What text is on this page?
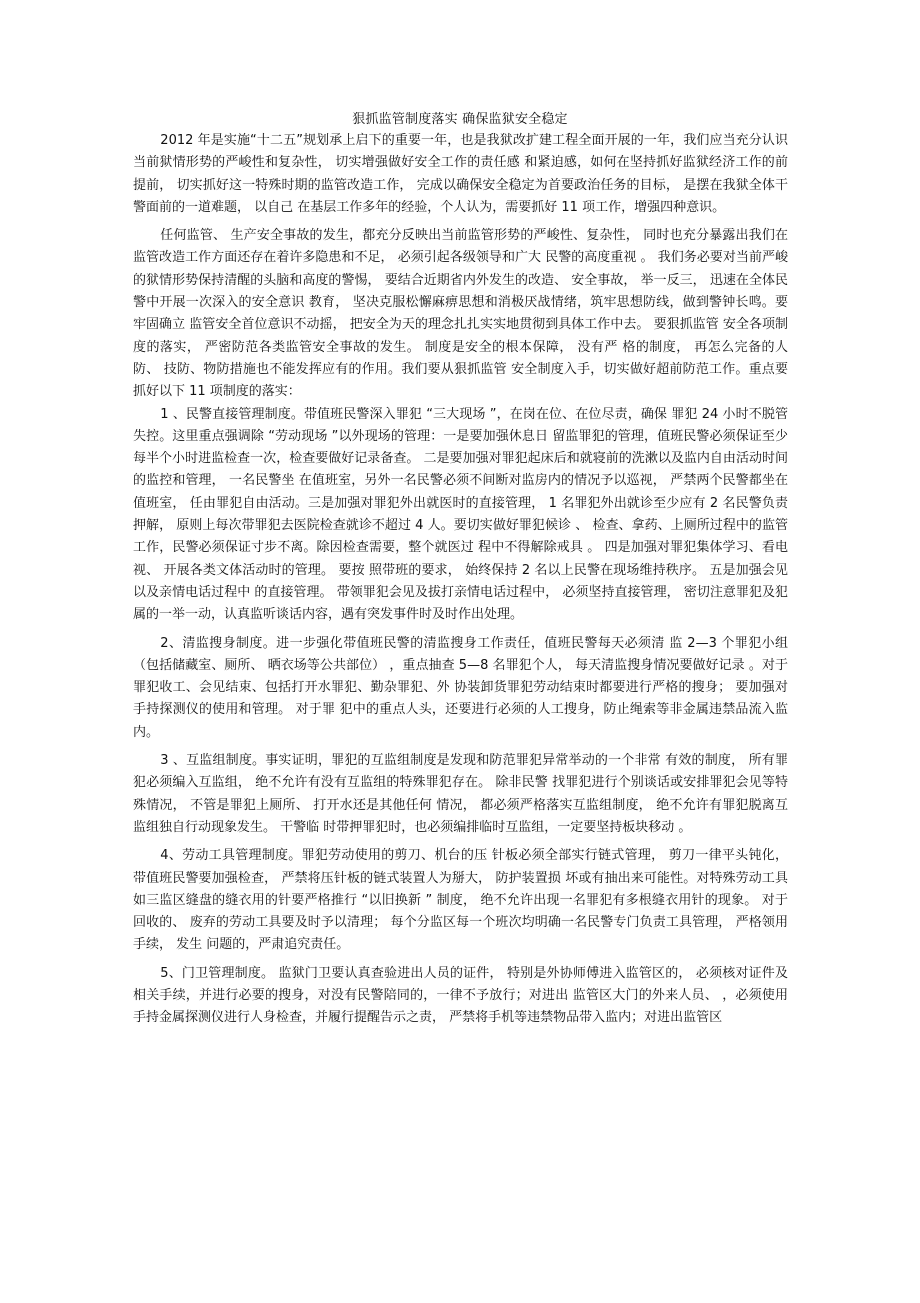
狠抓监管制度落实 确保监狱安全稳定

2012 年是实施“十二五”规划承上启下的重要一年，也是我狱改扩建工程全面开展的一年，我们应当充分认识当前狱情形势的严峻性和复杂性， 切实增强做好安全工作的责任感 和紧迫感，如何在坚持抓好监狱经济工作的前提前， 切实抓好这一特殊时期的监管改造工作， 完成以确保安全稳定为首要政治任务的目标， 是摆在我狱全体干警面前的一道难题， 以自己 在基层工作多年的经验，个人认为，需要抓好 11 项工作，增强四种意识。

任何监管、 生产安全事故的发生，都充分反映出当前监管形势的严峻性、复杂性， 同时也充分暴露出我们在监管改造工作方面还存在着许多隐患和不足， 必须引起各级领导和广大 民警的高度重视 。 我们务必要对当前严峻的狱情形势保持清醒的头脑和高度的警惕， 要结合近期省内外发生的改造、 安全事故， 举一反三， 迅速在全体民警中开展一次深入的安全意识 教育， 坚决克服松懈麻痹思想和消极厌战情绪，筑牢思想防线，做到警钟长鸣。要牢固确立 监管安全首位意识不动摇， 把安全为天的理念扎扎实实地贯彻到具体工作中去。 要狠抓监管 安全各项制度的落实， 严密防范各类监管安全事故的发生。 制度是安全的根本保障， 没有严 格的制度， 再怎么完备的人防、 技防、物防措施也不能发挥应有的作用。我们要从狠抓监管 安全制度入手，切实做好超前防范工作。重点要抓好以下 11 项制度的落实：

1 、民警直接管理制度。带值班民警深入罪犯 “三大现场 ”，在岗在位、在位尽责，确保 罪犯 24 小时不脱管失控。这里重点强调除 “劳动现场 ”以外现场的管理：一是要加强休息日 留监罪犯的管理，值班民警必须保证至少每半个小时进监检查一次，检查要做好记录备查。 二是要加强对罪犯起床后和就寝前的洗漱以及监内自由活动时间的监控和管理， 一名民警坐 在值班室，另外一名民警必须不间断对监房内的情况予以巡视， 严禁两个民警都坐在值班室， 任由罪犯自由活动。三是加强对罪犯外出就医时的直接管理， 1 名罪犯外出就诊至少应有 2 名民警负责押解， 原则上每次带罪犯去医院检查就诊不超过 4 人。要切实做好罪犯候诊 、 检查、拿药、上厕所过程中的监管工作，民警必须保证寸步不离。除因检查需要，整个就医过 程中不得解除戒具 。 四是加强对罪犯集体学习、看电视、 开展各类文体活动时的管理。 要按 照带班的要求， 始终保持 2 名以上民警在现场维持秩序。 五是加强会见以及亲情电话过程中 的直接管理。 带领罪犯会见及拔打亲情电话过程中， 必须坚持直接管理， 密切注意罪犯及犯 属的一举一动，认真监听谈话内容，遇有突发事件时及时作出处理。

2、清监搜身制度。进一步强化带值班民警的清监搜身工作责任，值班民警每天必须清 监 2—3 个罪犯小组（包括储藏室、厕所、 晒衣场等公共部位） ，重点抽查 5—8 名罪犯个人， 每天清监搜身情况要做好记录 。对于罪犯收工、会见结束、包括打开水罪犯、勤杂罪犯、外 协装卸货罪犯劳动结束时都要进行严格的搜身； 要加强对手持探测仪的使用和管理。 对于罪 犯中的重点人头，还要进行必须的人工搜身，防止绳索等非金属违禁品流入监内。

3 、互监组制度。事实证明，罪犯的互监组制度是发现和防范罪犯异常举动的一个非常 有效的制度， 所有罪犯必须编入互监组， 绝不允许有没有互监组的特殊罪犯存在。 除非民警 找罪犯进行个别谈话或安排罪犯会见等特殊情况， 不管是罪犯上厕所、 打开水还是其他任何 情况， 都必须严格落实互监组制度， 绝不允许有罪犯脱离互监组独自行动现象发生。 干警临 时带押罪犯时，也必须编排临时互监组，一定要坚持板块移动 。

4、劳动工具管理制度。罪犯劳动使用的剪刀、机台的压 针板必须全部实行链式管理， 剪刀一律平头钝化， 带值班民警要加强检查， 严禁将压针板的链式装置人为掰大， 防护装置损 坏或有抽出来可能性。对特殊劳动工具如三监区缝盘的缝衣用的针要严格推行 “以旧换新 ” 制度， 绝不允许出现一名罪犯有多根缝衣用针的现象。 对于回收的、 废弃的劳动工具要及时予以清理； 每个分监区每一个班次均明确一名民警专门负责工具管理， 严格领用手续， 发生 问题的，严肃追究责任。

5、门卫管理制度。 监狱门卫要认真查验进出人员的证件， 特别是外协师傅进入监管区的， 必须核对证件及相关手续，并进行必要的搜身，对没有民警陪同的，一律不予放行；对进出 监管区大门的外来人员、 ，必须使用手持金属探测仪进行人身检查，并履行提醒告示之责， 严禁将手机等违禁物品带入监内；对进出监管区
